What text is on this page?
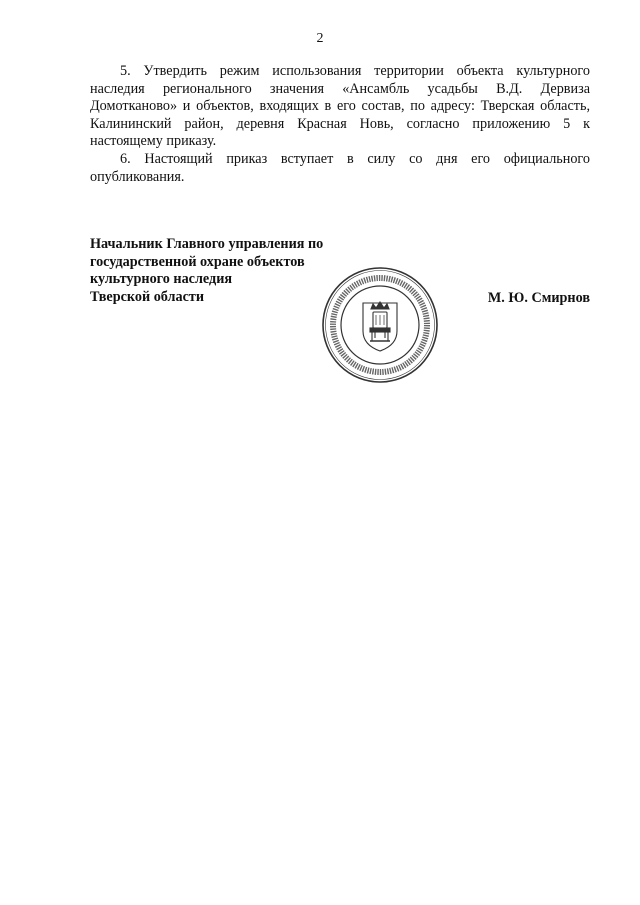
2

5. Утвердить режим использования территории объекта культурного наследия регионального значения «Ансамбль усадьбы В.Д. Дервиза Домотканово» и объектов, входящих в его состав, по адресу: Тверская область, Калининский район, деревня Красная Новь, согласно приложению 5 к настоящему приказу.

6. Настоящий приказ вступает в силу со дня его официального опубликования.

Начальник Главного управления по
государственной охране объектов
культурного наследия
Тверской области	М. Ю. Смирнов
